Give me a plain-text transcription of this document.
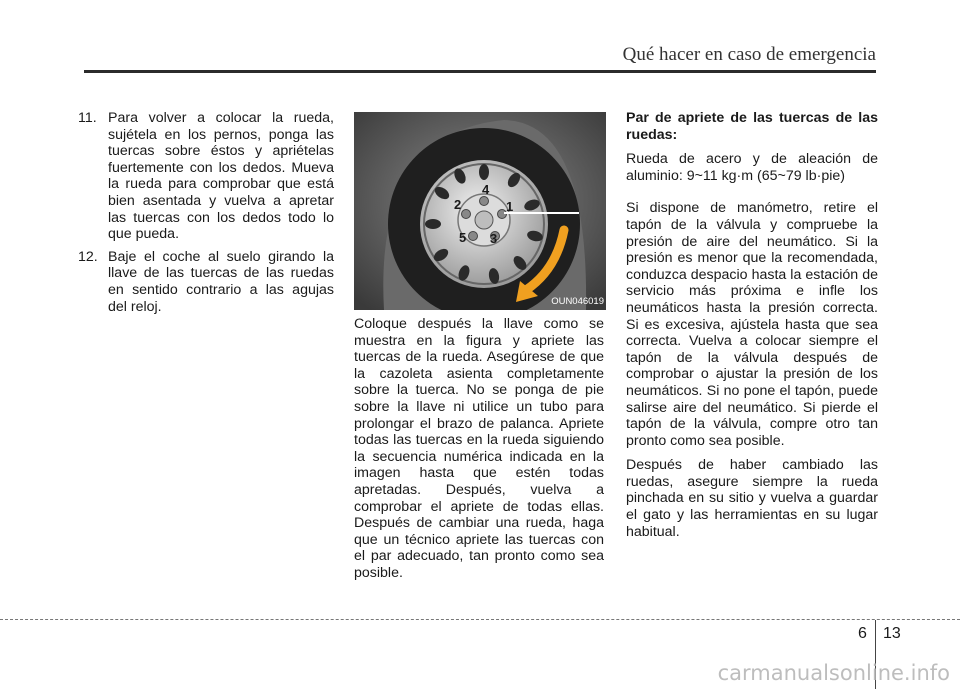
Qué hacer en caso de emergencia
11. Para volver a colocar la rueda, sujétela en los pernos, ponga las tuercas sobre éstos y apriételas fuertemente con los dedos. Mueva la rueda para comprobar que está bien asentada y vuelva a apretar las tuercas con los dedos todo lo que pueda.
12. Baje el coche al suelo girando la llave de las tuercas de las ruedas en sentido contrario a las agujas del reloj.
4
2	1
5 3
OUN046019

Coloque después la llave como se muestra en la figura y apriete las tuercas de la rueda. Asegúrese de que la cazoleta asienta completamente sobre la tuerca. No se ponga de pie sobre la llave ni utilice un tubo para prolongar el brazo de palanca. Apriete todas las tuercas en la rueda siguiendo la secuencia numérica indicada en la imagen hasta que estén todas apretadas. Después, vuelva a comprobar el apriete de todas ellas. Después de cambiar una rueda, haga que un técnico apriete las tuercas con el par adecuado, tan pronto como sea posible.

Par de apriete de las tuercas de las ruedas:

Rueda de acero y de aleación de aluminio: 9~11 kg·m (65~79 lb·pie)

Si dispone de manómetro, retire el tapón de la válvula y compruebe la presión de aire del neumático. Si la presión es menor que la recomendada, conduzca despacio hasta la estación de servicio más próxima e infle los neumáticos hasta la presión correcta. Si es excesiva, ajústela hasta que sea correcta. Vuelva a colocar siempre el tapón de la válvula después de comprobar o ajustar la presión de los neumáticos. Si no pone el tapón, puede salirse aire del neumático. Si pierde el tapón de la válvula, compre otro tan pronto como sea posible.

Después de haber cambiado las ruedas, asegure siempre la rueda pinchada en su sitio y vuelva a guardar el gato y las herramientas en su lugar habitual.

6 13
carmanualsonline.info
